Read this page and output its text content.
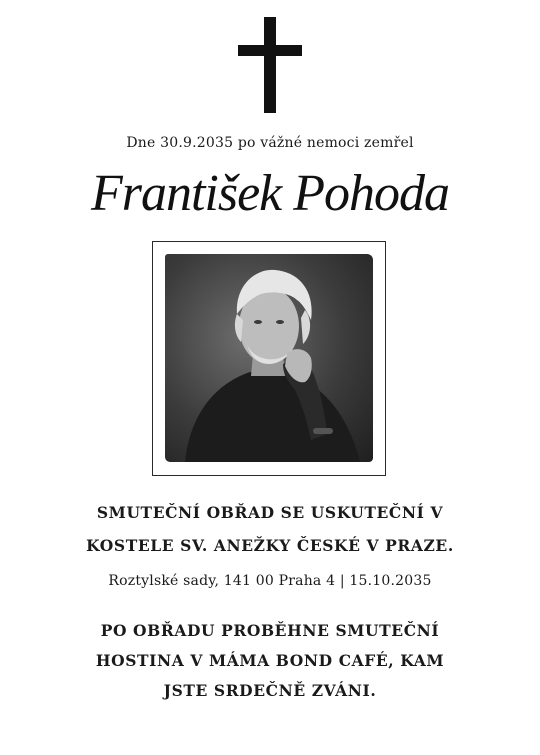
Dne 30.9.2035 po vážné nemoci zemřel
František Pohoda
SMUTEČNÍ OBŘAD SE USKUTEČNÍ V
KOSTELE SV. ANEŽKY ČESKÉ V PRAZE.
Roztylské sady, 141 00 Praha 4 | 15.10.2035
PO OBŘADU PROBĚHNE SMUTEČNÍ
HOSTINA V MÁMA BOND CAFÉ, KAM
JSTE SRDEČNĚ ZVÁNI.
